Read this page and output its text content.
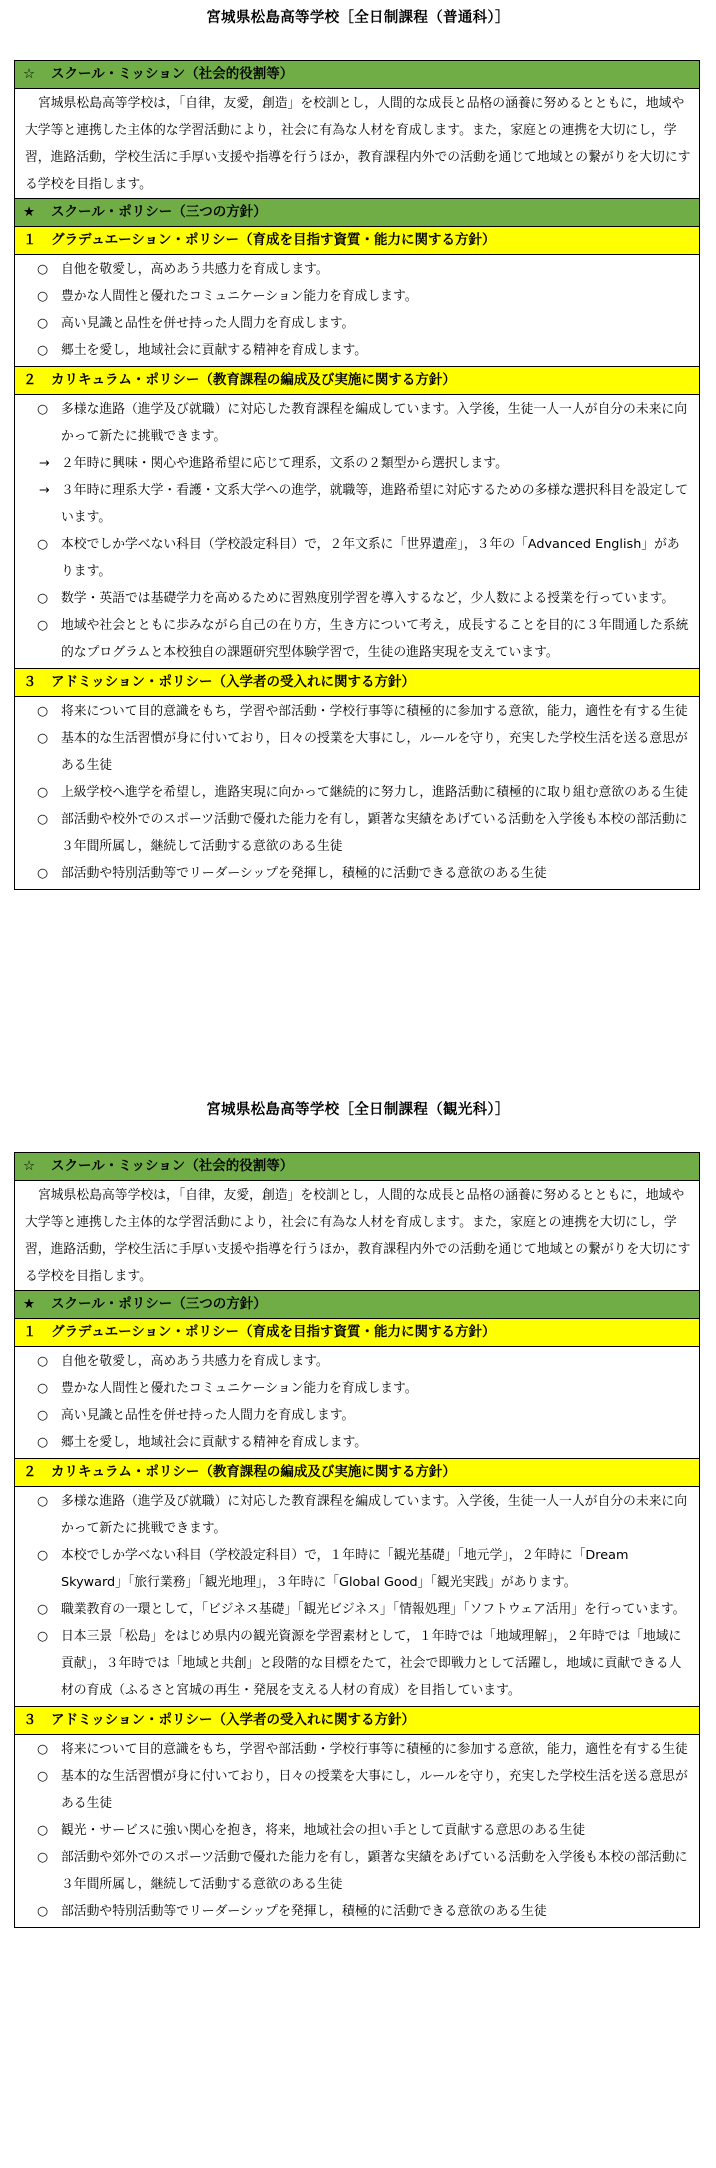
宮城県松島高等学校［全日制課程（普通科）］
☆ スクール・ミッション（社会的役割等）

宮城県松島高等学校は，「自律，友愛，創造」を校訓とし，人間的な成長と品格の涵養に努めるとともに，地域や大学等と連携した主体的な学習活動により，社会に有為な人材を育成します。また，家庭との連携を大切にし，学習，進路活動，学校生活に手厚い支援や指導を行うほか，教育課程内外での活動を通じて地域との繋がりを大切にする学校を目指します。

★ スクール・ポリシー（三つの方針）

１ グラデュエーション・ポリシー（育成を目指す資質・能力に関する方針）

○ 自他を敬愛し，高めあう共感力を育成します。
○ 豊かな人間性と優れたコミュニケーション能力を育成します。
○ 高い見識と品性を併せ持った人間力を育成します。
○ 郷土を愛し，地域社会に貢献する精神を育成します。

２ カリキュラム・ポリシー（教育課程の編成及び実施に関する方針）

○ 多様な進路（進学及び就職）に対応した教育課程を編成しています。入学後，生徒一人一人が自分の未来に向かって新たに挑戦できます。
→ ２年時に興味・関心や進路希望に応じて理系，文系の２類型から選択します。
→ ３年時に理系大学・看護・文系大学への進学，就職等，進路希望に対応するための多様な選択科目を設定しています。
○ 本校でしか学べない科目（学校設定科目）で，２年文系に「世界遺産」，３年の「Advanced English」があります。
○ 数学・英語では基礎学力を高めるために習熟度別学習を導入するなど，少人数による授業を行っています。
○ 地域や社会とともに歩みながら自己の在り方，生き方について考え，成長することを目的に３年間通した系統的なプログラムと本校独自の課題研究型体験学習で，生徒の進路実現を支えています。

３ アドミッション・ポリシー（入学者の受入れに関する方針）

○ 将来について目的意識をもち，学習や部活動・学校行事等に積極的に参加する意欲，能力，適性を有する生徒
○ 基本的な生活習慣が身に付いており，日々の授業を大事にし，ルールを守り，充実した学校生活を送る意思がある生徒
○ 上級学校へ進学を希望し，進路実現に向かって継続的に努力し，進路活動に積極的に取り組む意欲のある生徒
○ 部活動や校外でのスポーツ活動で優れた能力を有し，顕著な実績をあげている活動を入学後も本校の部活動に３年間所属し，継続して活動する意欲のある生徒
○ 部活動や特別活動等でリーダーシップを発揮し，積極的に活動できる意欲のある生徒
宮城県松島高等学校［全日制課程（観光科）］
☆ スクール・ミッション（社会的役割等）

宮城県松島高等学校は，「自律，友愛，創造」を校訓とし，人間的な成長と品格の涵養に努めるとともに，地域や大学等と連携した主体的な学習活動により，社会に有為な人材を育成します。また，家庭との連携を大切にし，学習，進路活動，学校生活に手厚い支援や指導を行うほか，教育課程内外での活動を通じて地域との繋がりを大切にする学校を目指します。

★ スクール・ポリシー（三つの方針）

１ グラデュエーション・ポリシー（育成を目指す資質・能力に関する方針）

○ 自他を敬愛し，高めあう共感力を育成します。
○ 豊かな人間性と優れたコミュニケーション能力を育成します。
○ 高い見識と品性を併せ持った人間力を育成します。
○ 郷土を愛し，地域社会に貢献する精神を育成します。

２ カリキュラム・ポリシー（教育課程の編成及び実施に関する方針）

○ 多様な進路（進学及び就職）に対応した教育課程を編成しています。入学後，生徒一人一人が自分の未来に向かって新たに挑戦できます。
○ 本校でしか学べない科目（学校設定科目）で，１年時に「観光基礎」「地元学」，２年時に「Dream Skyward」「旅行業務」「観光地理」，３年時に「Global Good」「観光実践」があります。
○ 職業教育の一環として，「ビジネス基礎」「観光ビジネス」「情報処理」「ソフトウェア活用」を行っています。
○ 日本三景「松島」をはじめ県内の観光資源を学習素材として，１年時では「地域理解」，２年時では「地域に貢献」，３年時では「地域と共創」と段階的な目標をたて，社会で即戦力として活躍し，地域に貢献できる人材の育成（ふるさと宮城の再生・発展を支える人材の育成）を目指しています。

３ アドミッション・ポリシー（入学者の受入れに関する方針）

○ 将来について目的意識をもち，学習や部活動・学校行事等に積極的に参加する意欲，能力，適性を有する生徒
○ 基本的な生活習慣が身に付いており，日々の授業を大事にし，ルールを守り，充実した学校生活を送る意思がある生徒
○ 観光・サービスに強い関心を抱き，将来，地域社会の担い手として貢献する意思のある生徒
○ 部活動や郊外でのスポーツ活動で優れた能力を有し，顕著な実績をあげている活動を入学後も本校の部活動に３年間所属し，継続して活動する意欲のある生徒
○ 部活動や特別活動等でリーダーシップを発揮し，積極的に活動できる意欲のある生徒
